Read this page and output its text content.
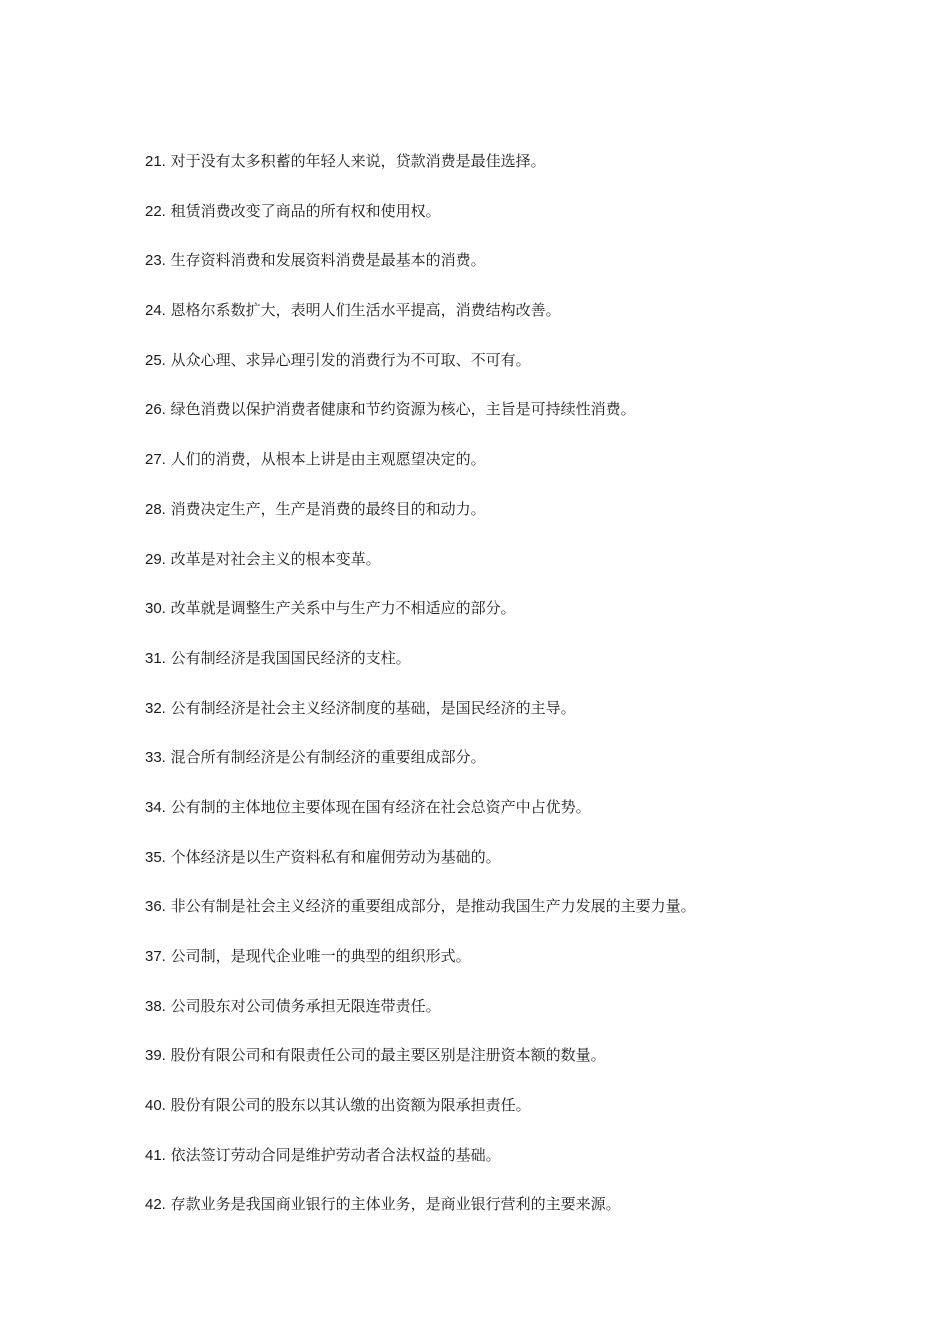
21. 对于没有太多积蓄的年轻人来说，贷款消费是最佳选择。
22. 租赁消费改变了商品的所有权和使用权。
23. 生存资料消费和发展资料消费是最基本的消费。
24. 恩格尔系数扩大，表明人们生活水平提高，消费结构改善。
25. 从众心理、求异心理引发的消费行为不可取、不可有。
26. 绿色消费以保护消费者健康和节约资源为核心，主旨是可持续性消费。
27. 人们的消费，从根本上讲是由主观愿望决定的。
28. 消费决定生产，生产是消费的最终目的和动力。
29. 改革是对社会主义的根本变革。
30. 改革就是调整生产关系中与生产力不相适应的部分。
31. 公有制经济是我国国民经济的支柱。
32. 公有制经济是社会主义经济制度的基础，是国民经济的主导。
33. 混合所有制经济是公有制经济的重要组成部分。
34. 公有制的主体地位主要体现在国有经济在社会总资产中占优势。
35. 个体经济是以生产资料私有和雇佣劳动为基础的。
36. 非公有制是社会主义经济的重要组成部分，是推动我国生产力发展的主要力量。
37. 公司制，是现代企业唯一的典型的组织形式。
38. 公司股东对公司债务承担无限连带责任。
39. 股份有限公司和有限责任公司的最主要区别是注册资本额的数量。
40. 股份有限公司的股东以其认缴的出资额为限承担责任。
41. 依法签订劳动合同是维护劳动者合法权益的基础。
42. 存款业务是我国商业银行的主体业务，是商业银行营利的主要来源。
